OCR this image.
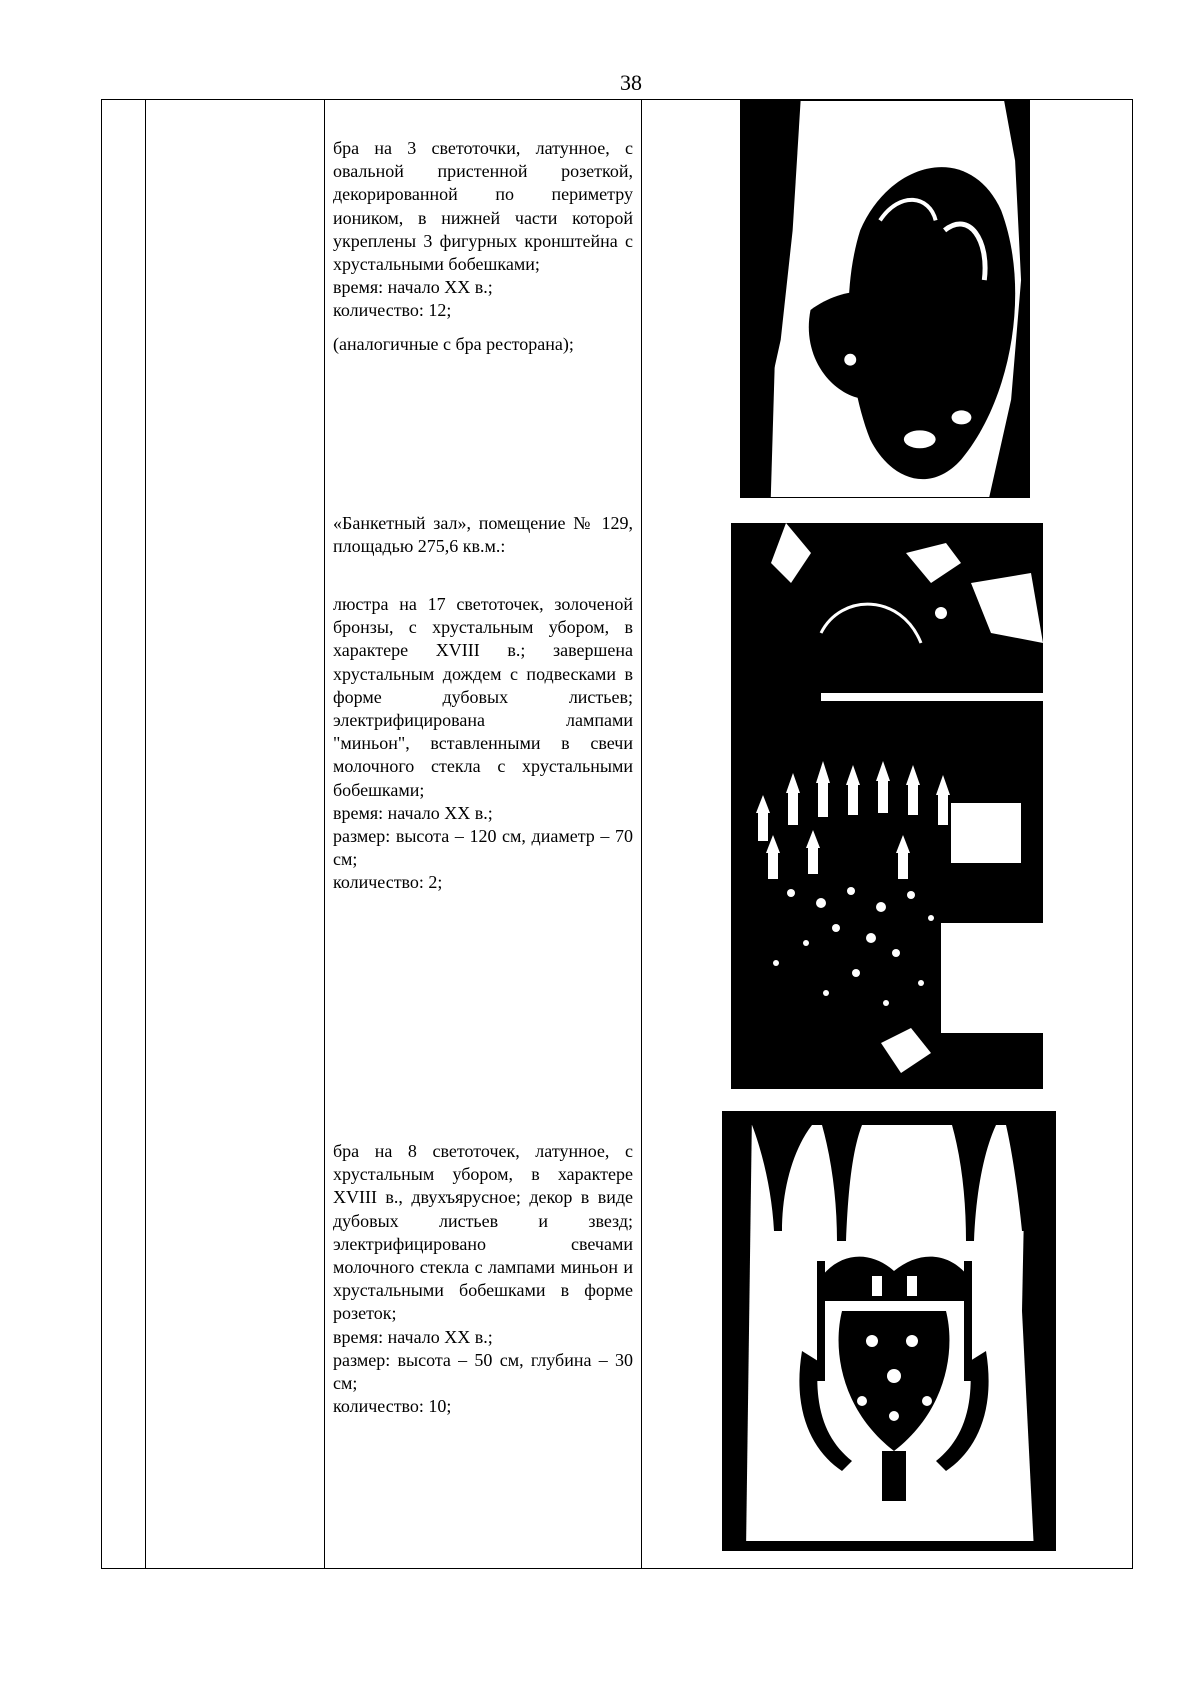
38

бра на 3 светоточки, латунное, с овальной пристенной розеткой, декорированной по периметру иоником, в нижней части которой укреплены 3 фигурных кронштейна с хрустальными бобешками;

время: начало XX в.;

количество: 12;

(аналогичные с бра ресторана);

«Банкетный зал», помещение № 129, площадью 275,6 кв.м.:

люстра на 17 светоточек, золоченой бронзы, с хрустальным убором, в характере XVIII в.; завершена хрустальным дождем с подвесками в форме дубовых листьев; электрифицирована лампами "миньон", вставленными в свечи молочного стекла с хрустальными бобешками;

время: начало XX в.;

размер: высота – 120 см, диаметр – 70 см;

количество: 2;

бра на 8 светоточек, латунное, с хрустальным убором, в характере XVIII в., двухъярусное; декор в виде дубовых листьев и звезд; электрифицировано свечами молочного стекла с лампами миньон и хрустальными бобешками в форме розеток;

время: начало XX в.;

размер: высота – 50 см, глубина – 30 см;

количество: 10;
